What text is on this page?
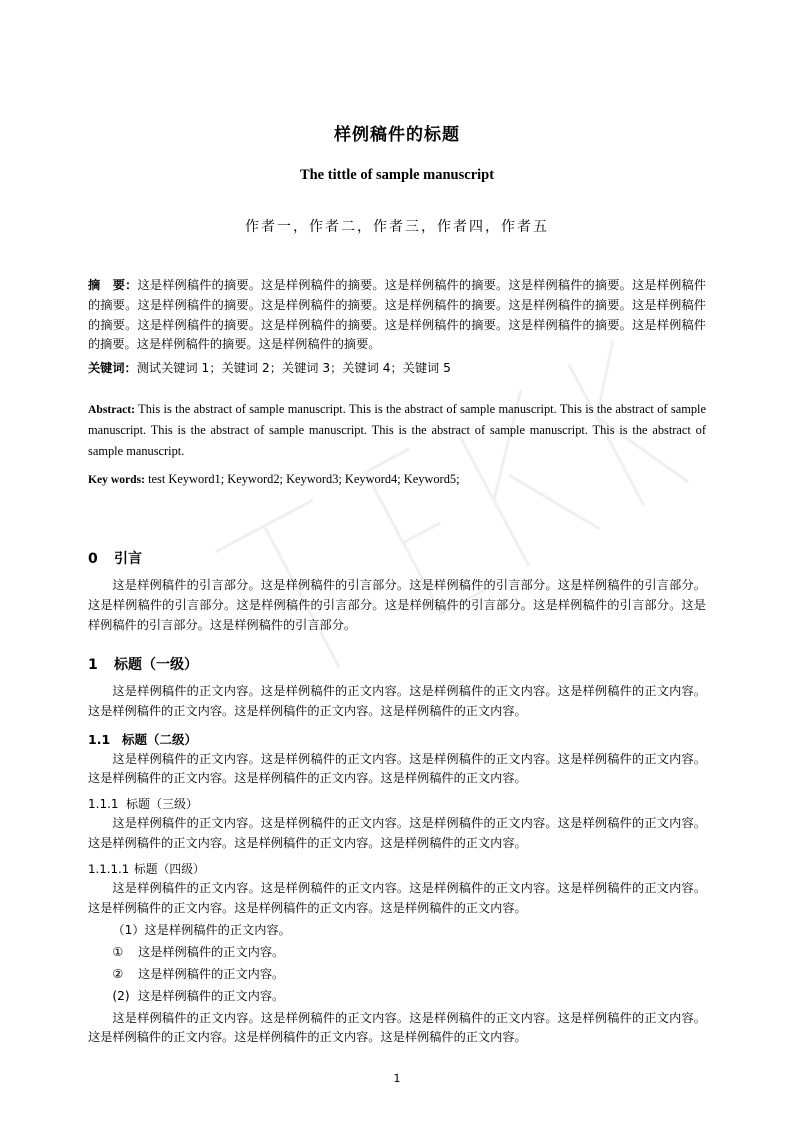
样例稿件的标题
The tittle of sample manuscript
作者一，作者二，作者三，作者四，作者五

摘　要：这是样例稿件的摘要。这是样例稿件的摘要。这是样例稿件的摘要。这是样例稿件的摘要。这是样例稿件的摘要。这是样例稿件的摘要。这是样例稿件的摘要。这是样例稿件的摘要。这是样例稿件的摘要。这是样例稿件的摘要。这是样例稿件的摘要。这是样例稿件的摘要。这是样例稿件的摘要。这是样例稿件的摘要。这是样例稿件的摘要。这是样例稿件的摘要。这是样例稿件的摘要。

关键词：测试关键词 1；关键词 2；关键词 3；关键词 4；关键词 5

Abstract: This is the abstract of sample manuscript. This is the abstract of sample manuscript. This is the abstract of sample manuscript. This is the abstract of sample manuscript. This is the abstract of sample manuscript. This is the abstract of sample manuscript.

Key words: test Keyword1; Keyword2; Keyword3; Keyword4; Keyword5;

0 引言

这是样例稿件的引言部分。这是样例稿件的引言部分。这是样例稿件的引言部分。这是样例稿件的引言部分。这是样例稿件的引言部分。这是样例稿件的引言部分。这是样例稿件的引言部分。这是样例稿件的引言部分。这是样例稿件的引言部分。这是样例稿件的引言部分。

1 标题（一级）

这是样例稿件的正文内容。这是样例稿件的正文内容。这是样例稿件的正文内容。这是样例稿件的正文内容。这是样例稿件的正文内容。这是样例稿件的正文内容。这是样例稿件的正文内容。

1.1 标题（二级）

这是样例稿件的正文内容。这是样例稿件的正文内容。这是样例稿件的正文内容。这是样例稿件的正文内容。这是样例稿件的正文内容。这是样例稿件的正文内容。这是样例稿件的正文内容。

1.1.1 标题（三级）

这是样例稿件的正文内容。这是样例稿件的正文内容。这是样例稿件的正文内容。这是样例稿件的正文内容。这是样例稿件的正文内容。这是样例稿件的正文内容。这是样例稿件的正文内容。

1.1.1.1 标题（四级）

这是样例稿件的正文内容。这是样例稿件的正文内容。这是样例稿件的正文内容。这是样例稿件的正文内容。这是样例稿件的正文内容。这是样例稿件的正文内容。这是样例稿件的正文内容。

（1）这是样例稿件的正文内容。

① 这是样例稿件的正文内容。

② 这是样例稿件的正文内容。

(2) 这是样例稿件的正文内容。

这是样例稿件的正文内容。这是样例稿件的正文内容。这是样例稿件的正文内容。这是样例稿件的正文内容。这是样例稿件的正文内容。这是样例稿件的正文内容。这是样例稿件的正文内容。

1
